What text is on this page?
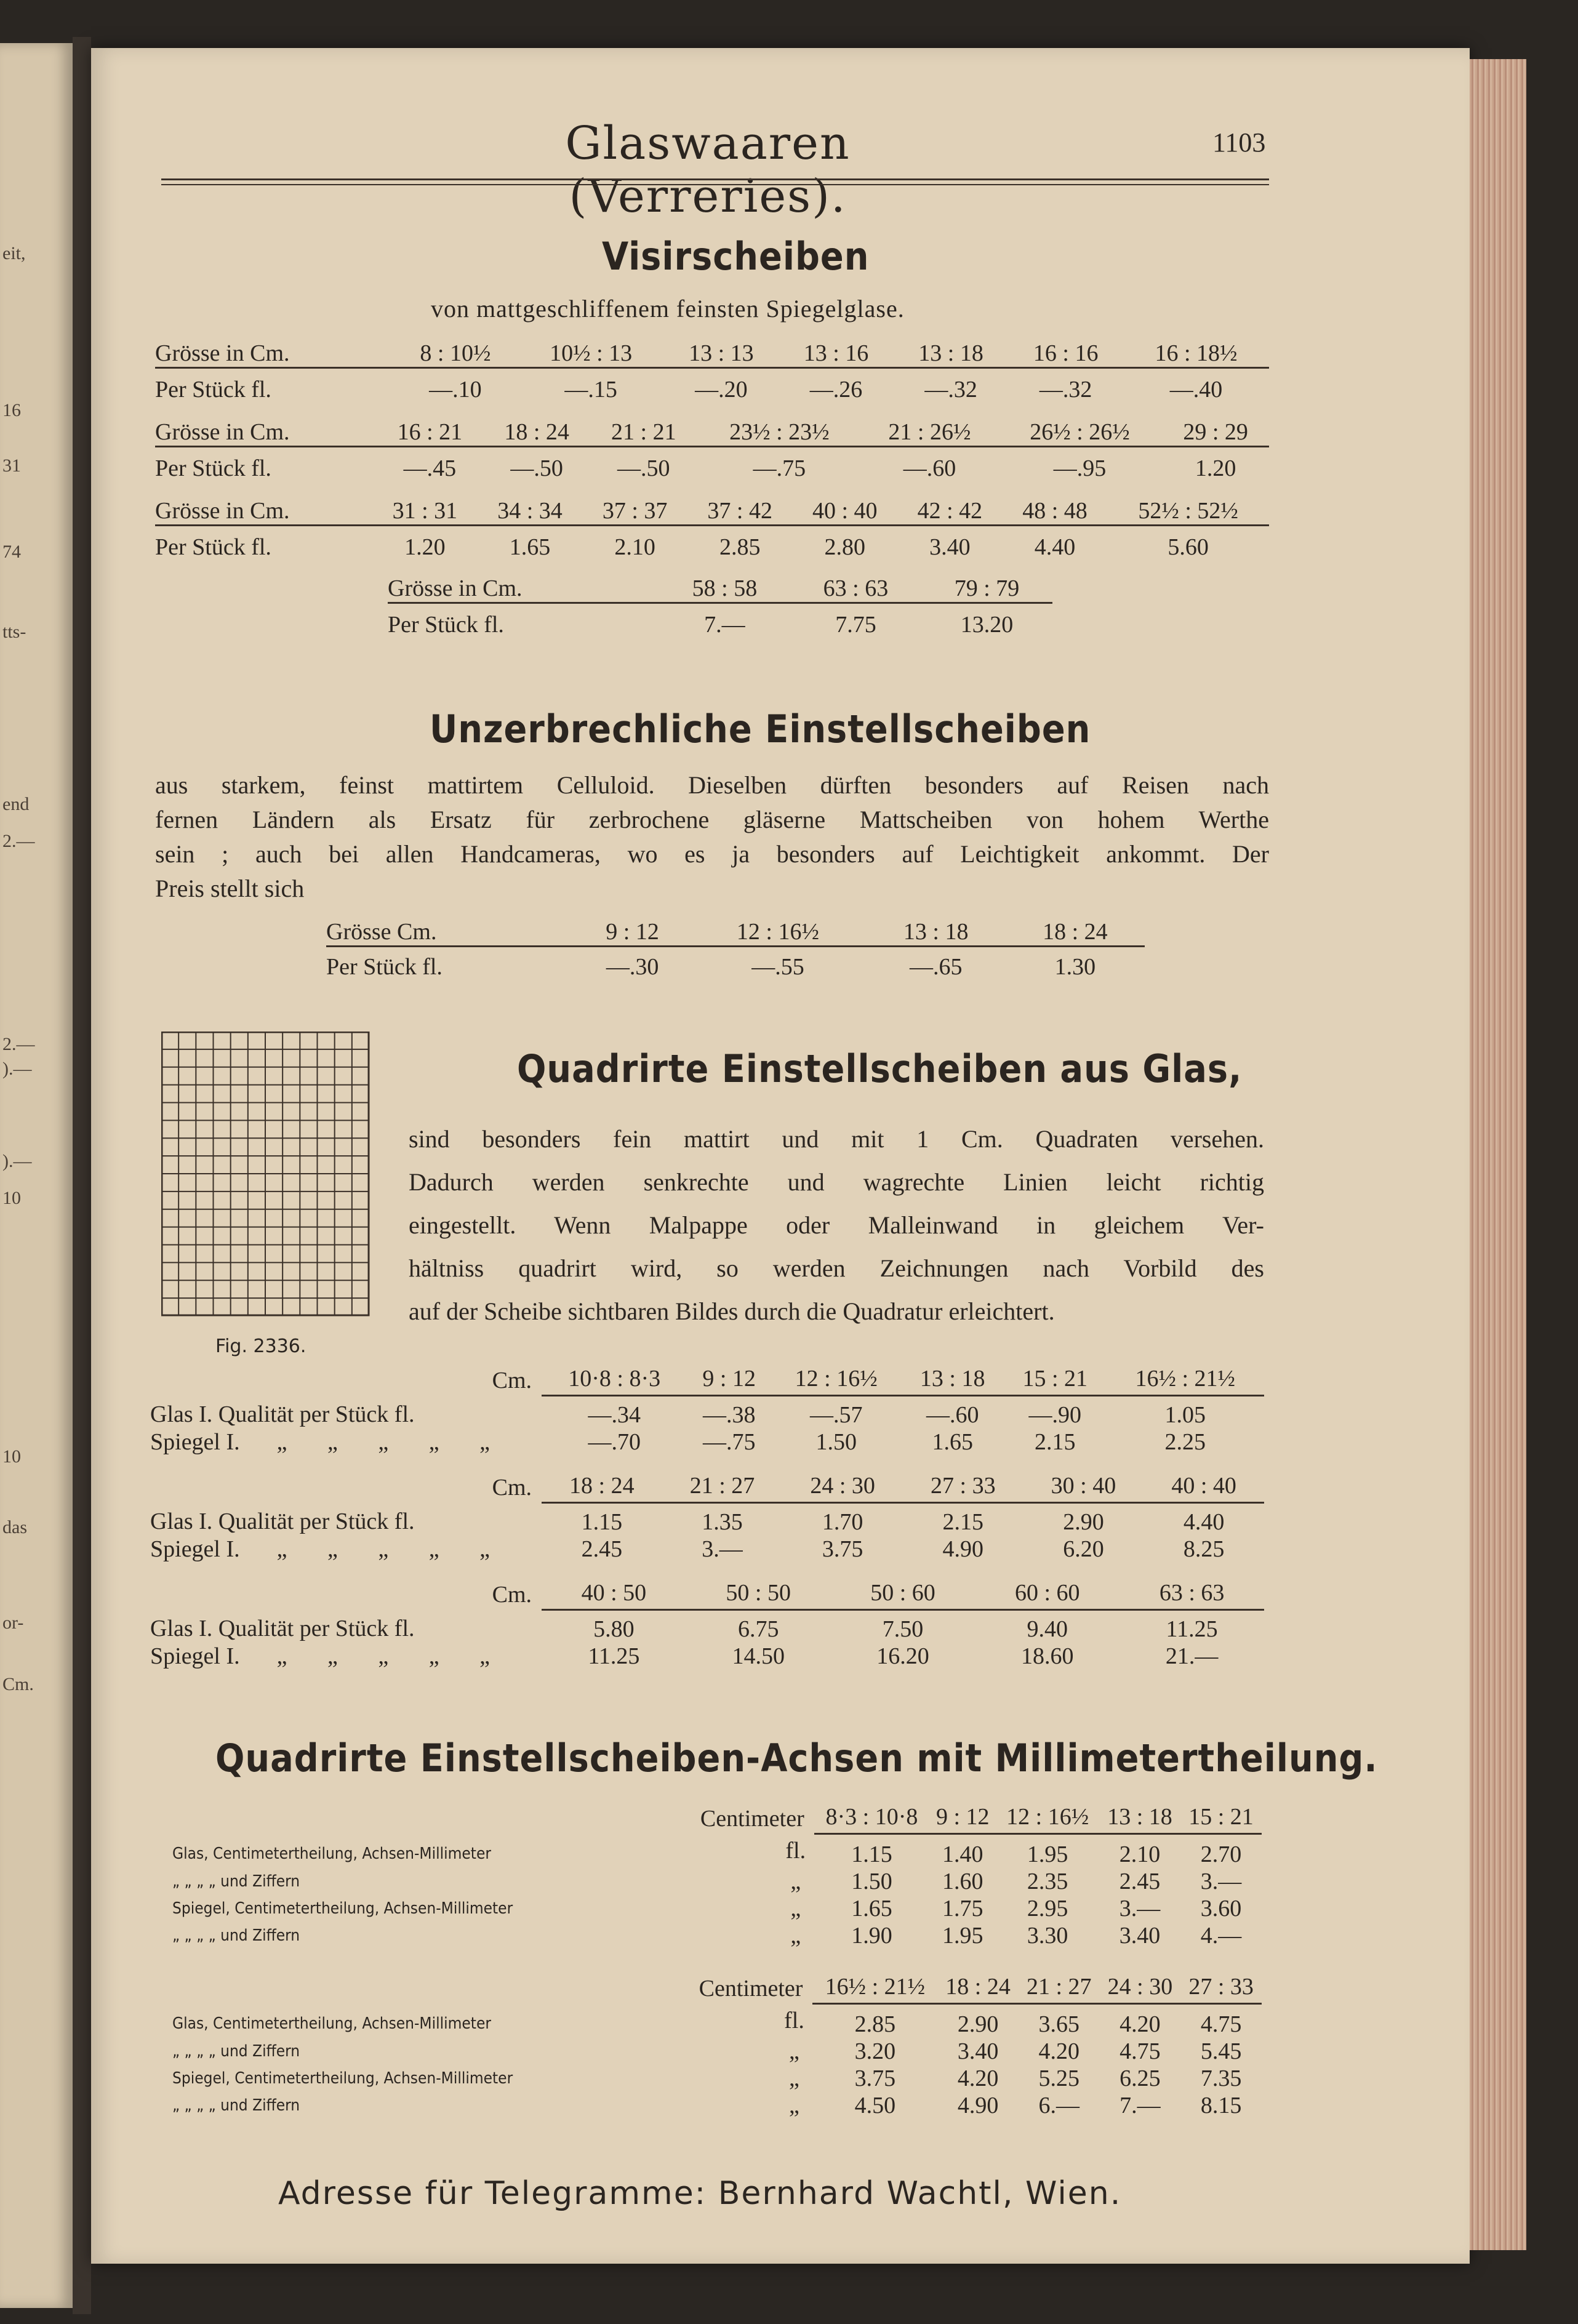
eit,
16
31
74
tts-
end
2.—
2.—
).—
).—
10
10
das
or-
Cm.
Glaswaaren (Verreries).
1103
Visirscheiben
von mattgeschliffenem feinsten Spiegelglase.
Grösse in Cm.	8 : 10½	10½ : 13	13 : 13	13 : 16	13 : 18	16 : 16	16 : 18½
Per Stück fl.	—.10	—.15	—.20	—.26	—.32	—.32	—.40
Grösse in Cm.	16 : 21	18 : 24	21 : 21	23½ : 23½	21 : 26½	26½ : 26½	29 : 29
Per Stück fl.	—.45	—.50	—.50	—.75	—.60	—.95	1.20
Grösse in Cm.	31 : 31	34 : 34	37 : 37	37 : 42	40 : 40	42 : 42	48 : 48	52½ : 52½
Per Stück fl.	1.20	1.65	2.10	2.85	2.80	3.40	4.40	5.60
Grösse in Cm.	58 : 58	63 : 63	79 : 79
Per Stück fl.	7.—	7.75	13.20
Unzerbrechliche Einstellscheiben
aus starkem, feinst mattirtem Celluloid. Dieselben dürften besonders auf Reisen nach
fernen Ländern als Ersatz für zerbrochene gläserne Mattscheiben von hohem Werthe
sein ; auch bei allen Handcameras, wo es ja besonders auf Leichtigkeit ankommt. Der
Preis stellt sich
Grösse Cm.	9 : 12	12 : 16½	13 : 18	18 : 24
Per Stück fl.	—.30	—.55	—.65	1.30
Fig. 2336.
Quadrirte Einstellscheiben aus Glas,
sind besonders fein mattirt und mit 1 Cm. Quadraten versehen.
Dadurch werden senkrechte und wagrechte Linien leicht richtig
eingestellt. Wenn Malpappe oder Malleinwand in gleichem Ver-
hältniss quadrirt wird, so werden Zeichnungen nach Vorbild des
auf der Scheibe sichtbaren Bildes durch die Quadratur erleichtert.
Cm.	10·8 : 8·3	9 : 12	12 : 16½	13 : 18	15 : 21	16½ : 21½
Glas I. Qualität per Stück fl.	—.34	—.38	—.57	—.60	—.90	1.05
Spiegel I. „ „ „ „ „	—.70	—.75	1.50	1.65	2.15	2.25
Cm.	18 : 24	21 : 27	24 : 30	27 : 33	30 : 40	40 : 40
Glas I. Qualität per Stück fl.	1.15	1.35	1.70	2.15	2.90	4.40
Spiegel I. „ „ „ „ „	2.45	3.—	3.75	4.90	6.20	8.25
Cm.	40 : 50	50 : 50	50 : 60	60 : 60	63 : 63
Glas I. Qualität per Stück fl.	5.80	6.75	7.50	9.40	11.25
Spiegel I. „ „ „ „ „	11.25	14.50	16.20	18.60	21.—
Quadrirte Einstellscheiben-Achsen mit Millimetertheilung.
Centimeter		8·3 : 10·8	9 : 12	12 : 16½	13 : 18	15 : 21
Glas, Centimetertheilung, Achsen-Millimeter	fl.	1.15	1.40	1.95	2.10	2.70
„ „ „ „ und Ziffern	„	1.50	1.60	2.35	2.45	3.—
Spiegel, Centimetertheilung, Achsen-Millimeter	„	1.65	1.75	2.95	3.—	3.60
„ „ „ „ und Ziffern	„	1.90	1.95	3.30	3.40	4.—
Centimeter		16½ : 21½	18 : 24	21 : 27	24 : 30	27 : 33
Glas, Centimetertheilung, Achsen-Millimeter	fl.	2.85	2.90	3.65	4.20	4.75
„ „ „ „ und Ziffern	„	3.20	3.40	4.20	4.75	5.45
Spiegel, Centimetertheilung, Achsen-Millimeter	„	3.75	4.20	5.25	6.25	7.35
„ „ „ „ und Ziffern	„	4.50	4.90	6.—	7.—	8.15
Adresse für Telegramme: Bernhard Wachtl, Wien.
